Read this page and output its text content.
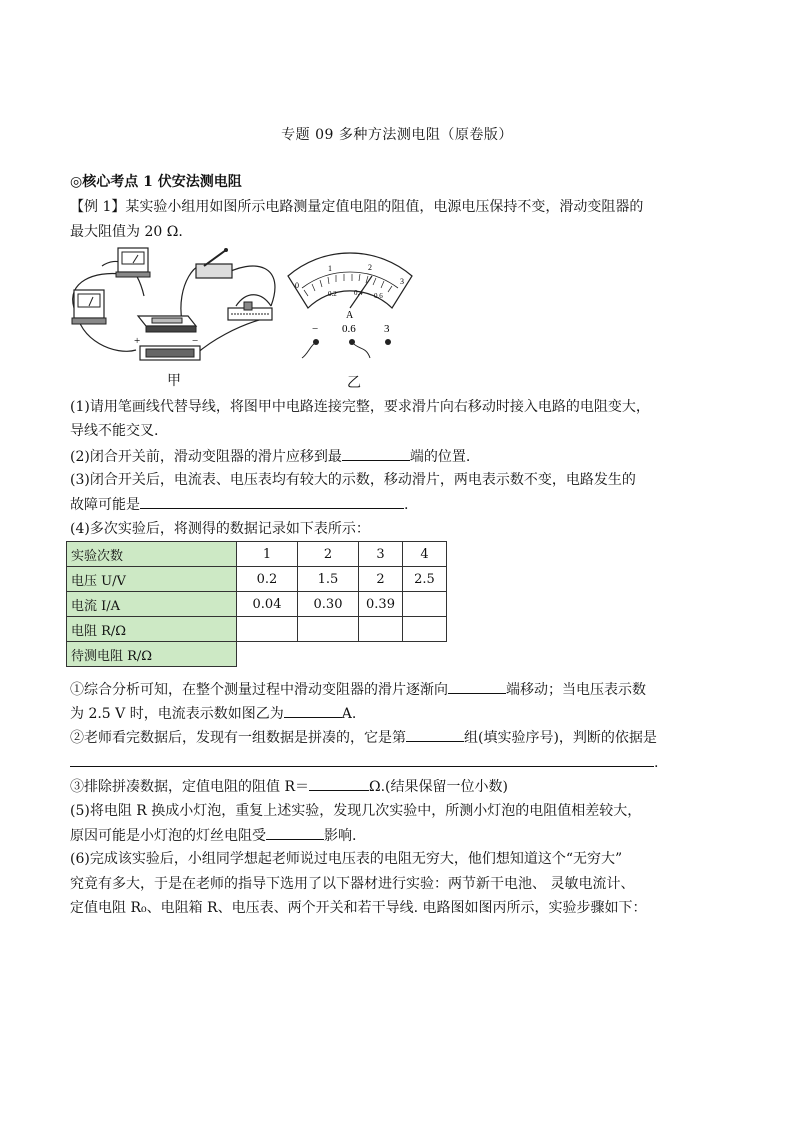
专题 09 多种方法测电阻（原卷版）
◎核心考点 1 伏安法测电阻
【例 1】某实验小组用如图所示电路测量定值电阻的阻值，电源电压保持不变，滑动变阻器的
最大阻值为 20 Ω.
+	−
0
1	2
3
0.2 0.4 0.6
A
− 0.6	3
甲	乙
(1)请用笔画线代替导线，将图甲中电路连接完整，要求滑片向右移动时接入电路的电阻变大，
导线不能交叉.
(2)闭合开关前，滑动变阻器的滑片应移到最	端的位置.
(3)闭合开关后，电流表、电压表均有较大的示数，移动滑片，两电表示数不变，电路发生的
故障可能是	.
(4)多次实验后，将测得的数据记录如下表所示：
实验次数	1	2	3	4
电压 U/V	0.2	1.5	2	2.5
电流 I/A	0.04	0.30	0.39	
电阻 R/Ω				
待测电阻 R/Ω				
①综合分析可知，在整个测量过程中滑动变阻器的滑片逐渐向	端移动；当电压表示数
为 2.5 V 时，电流表示数如图乙为	A.
②老师看完数据后，发现有一组数据是拼凑的，它是第	组(填实验序号)，判断的依据是
.
③排除拼凑数据，定值电阻的阻值 R＝	Ω.(结果保留一位小数)
(5)将电阻 R 换成小灯泡，重复上述实验，发现几次实验中，所测小灯泡的电阻值相差较大，
原因可能是小灯泡的灯丝电阻受	影响.
(6)完成该实验后，小组同学想起老师说过电压表的电阻无穷大，他们想知道这个“无穷大”
究竟有多大，于是在老师的指导下选用了以下器材进行实验：两节新干电池、 灵敏电流计、
定值电阻 R₀、电阻箱 R、电压表、两个开关和若干导线. 电路图如图丙所示，实验步骤如下：
